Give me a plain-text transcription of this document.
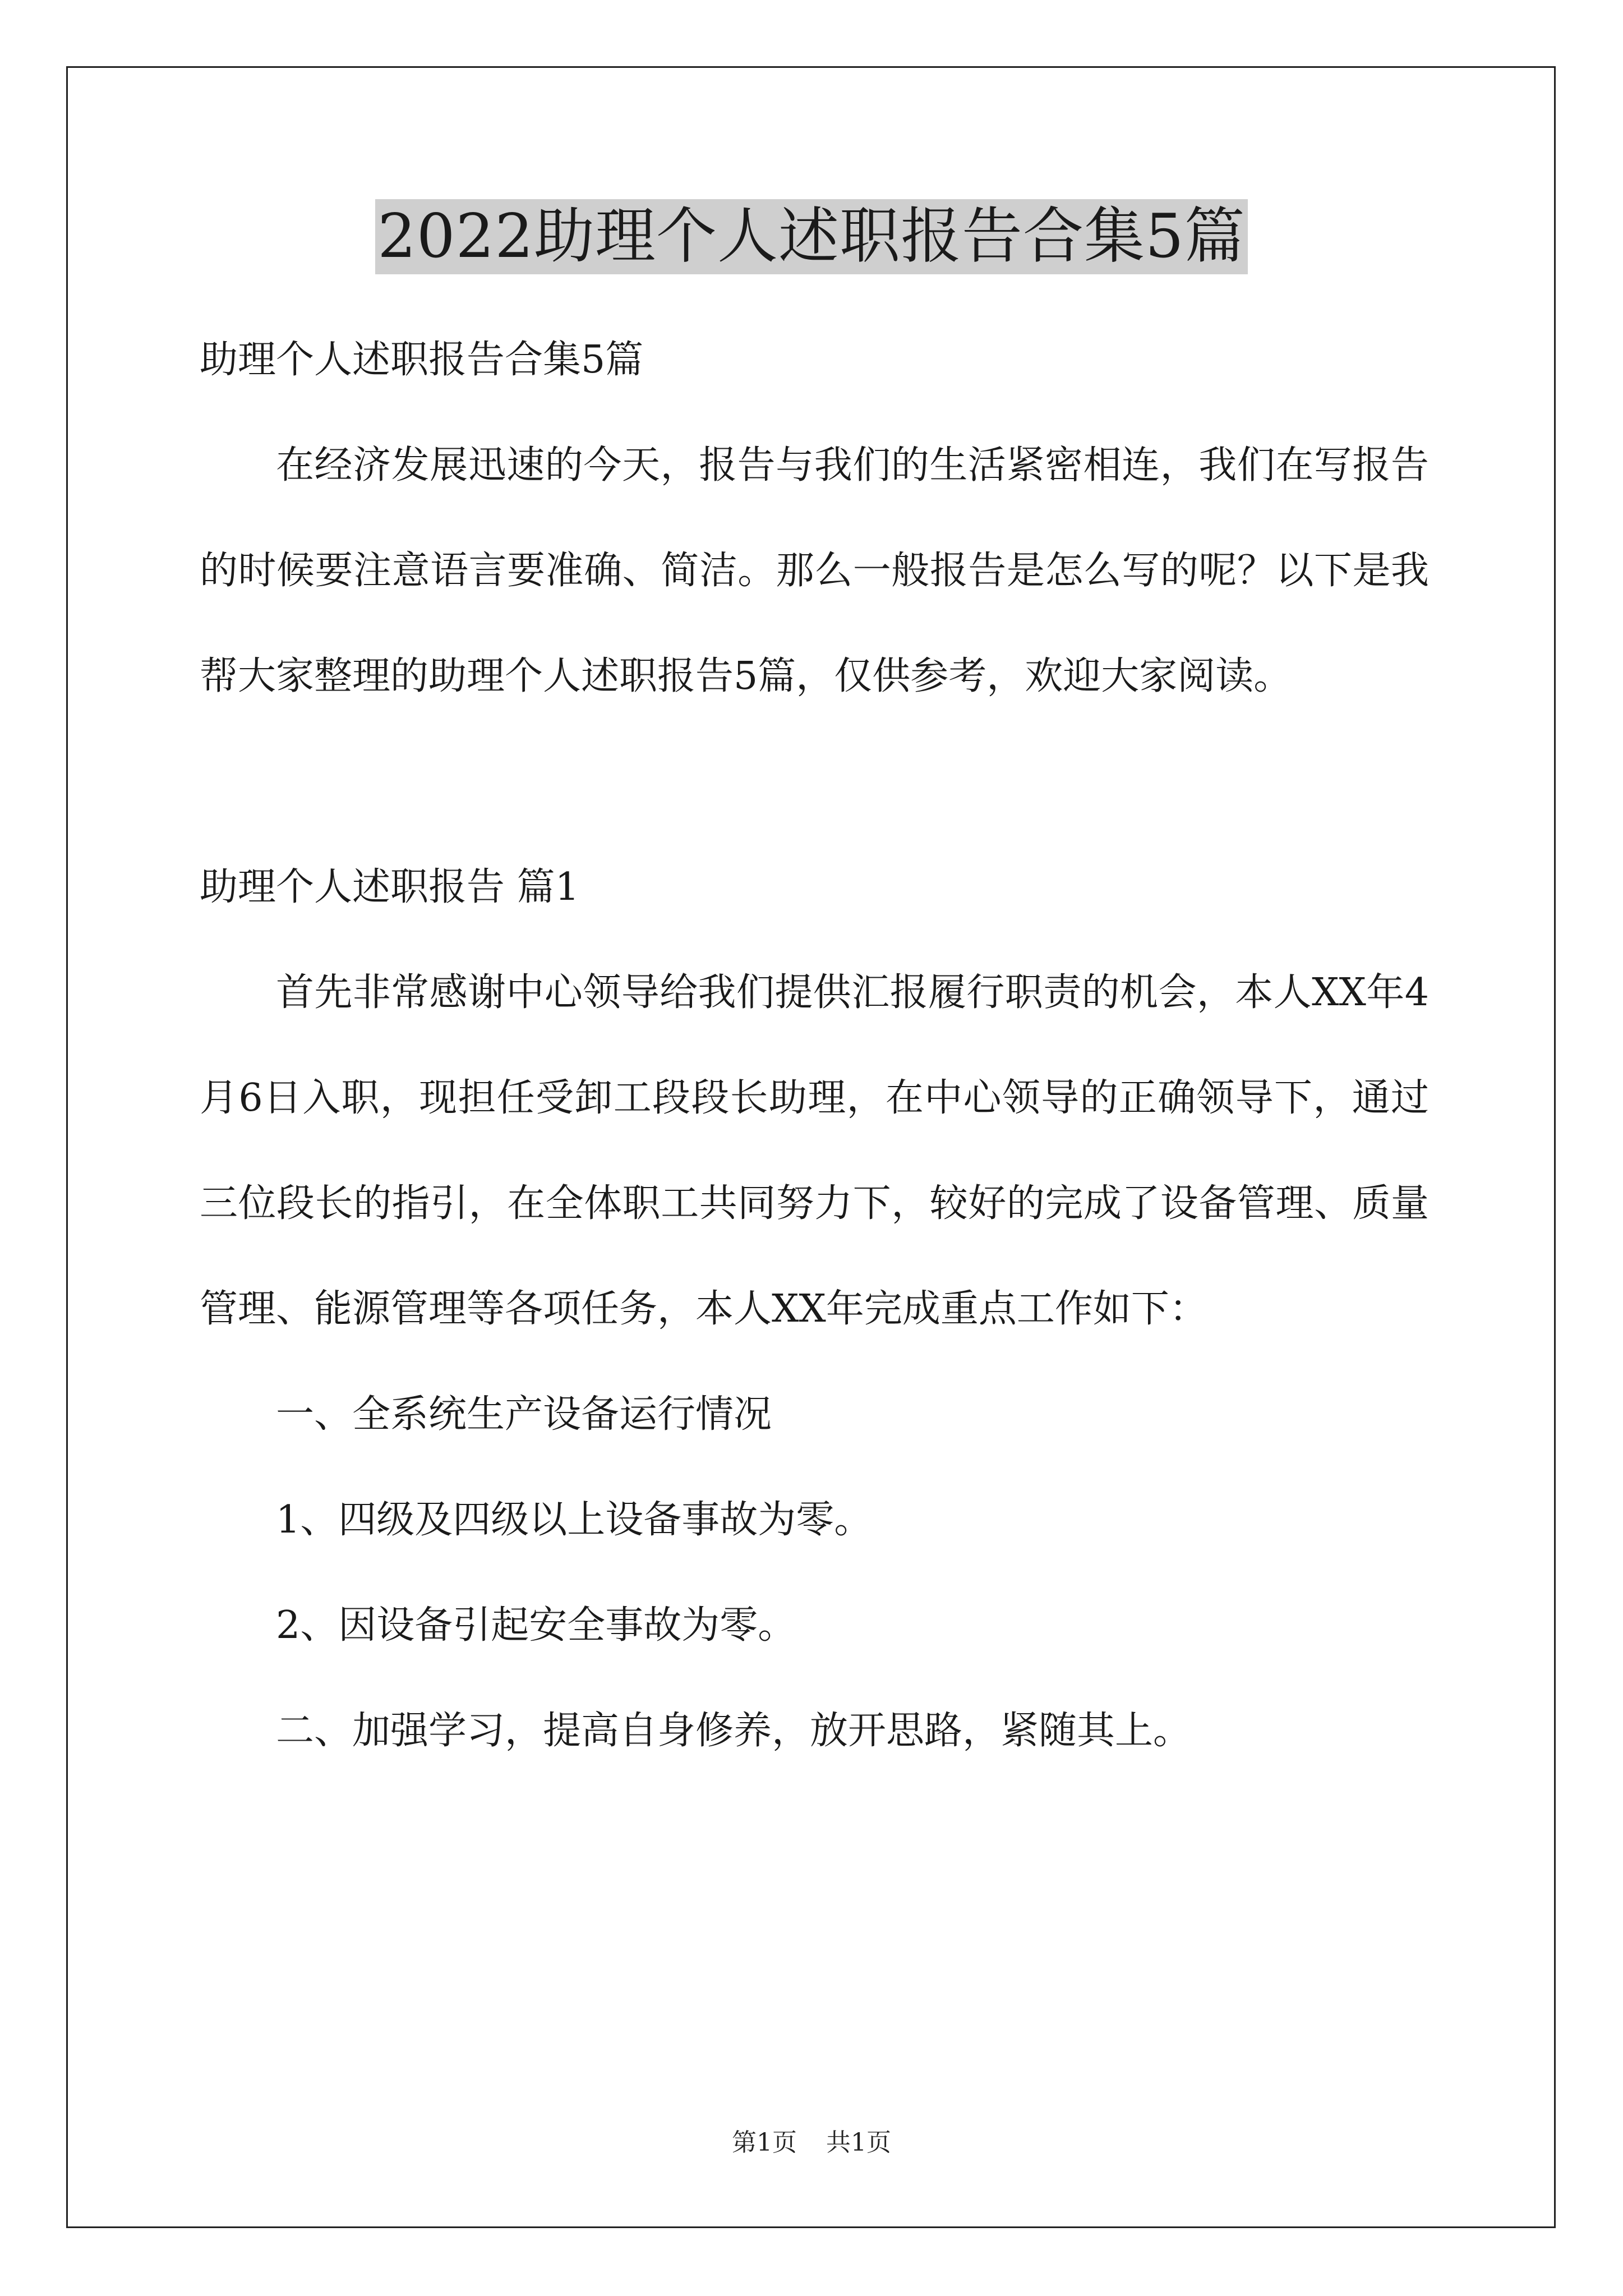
2022助理个人述职报告合集5篇

助理个人述职报告合集5篇

在经济发展迅速的今天，报告与我们的生活紧密相连，我们在写报告的时候要注意语言要准确、简洁。那么一般报告是怎么写的呢？以下是我帮大家整理的助理个人述职报告5篇，仅供参考，欢迎大家阅读。

助理个人述职报告 篇1

首先非常感谢中心领导给我们提供汇报履行职责的机会，本人XX年4月6日入职，现担任受卸工段段长助理，在中心领导的正确领导下，通过三位段长的指引，在全体职工共同努力下，较好的完成了设备管理、质量管理、能源管理等各项任务，本人XX年完成重点工作如下：

一、全系统生产设备运行情况

1、四级及四级以上设备事故为零。

2、因设备引起安全事故为零。

二、加强学习，提高自身修养，放开思路，紧随其上。

第1页 共1页
